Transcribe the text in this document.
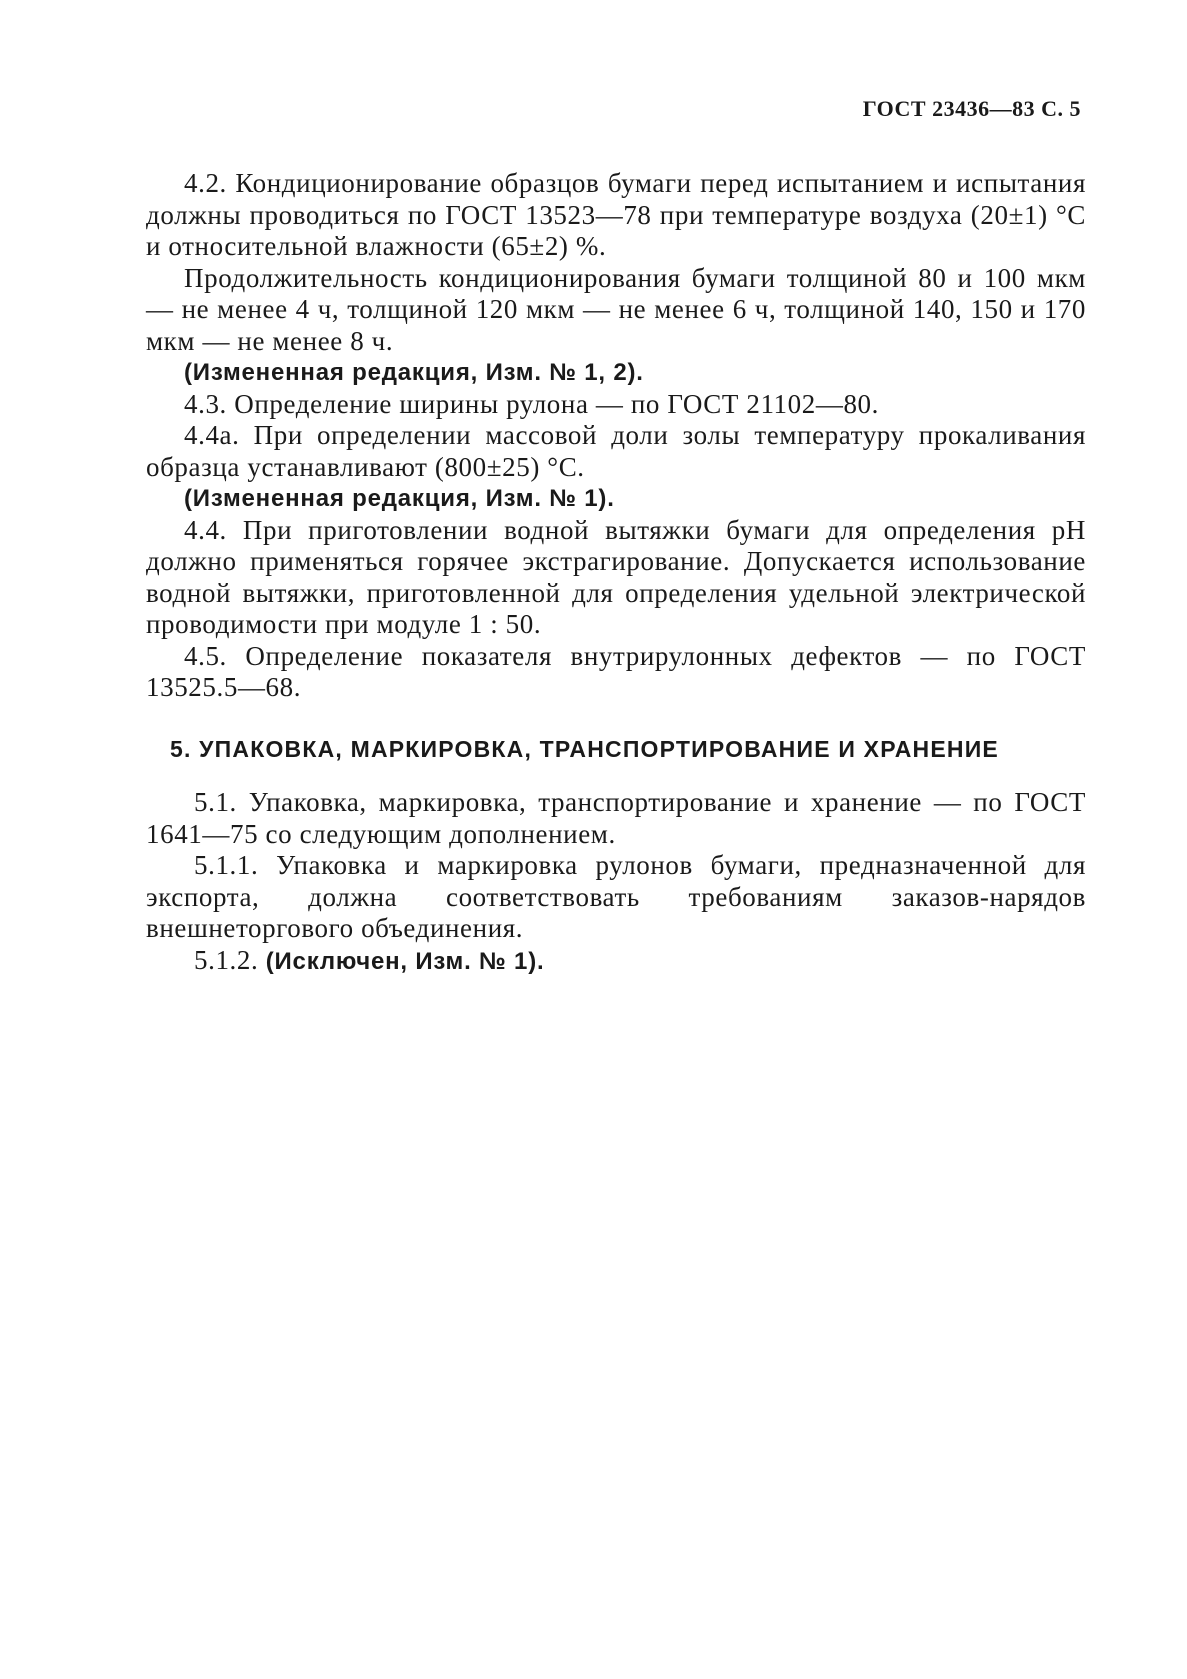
ГОСТ 23436—83 С. 5

4.2. Кондиционирование образцов бумаги перед испытанием и испытания должны проводиться по ГОСТ 13523—78 при температуре воздуха (20±1) °С и относительной влажности (65±2) %.

Продолжительность кондиционирования бумаги толщиной 80 и 100 мкм — не менее 4 ч, толщиной 120 мкм — не менее 6 ч, толщиной 140, 150 и 170 мкм — не менее 8 ч.

(Измененная редакция, Изм. № 1, 2).

4.3. Определение ширины рулона — по ГОСТ 21102—80.

4.4а. При определении массовой доли золы температуру прокаливания образца устанавливают (800±25) °С.

(Измененная редакция, Изм. № 1).

4.4. При приготовлении водной вытяжки бумаги для определения pH должно применяться горячее экстрагирование. Допускается использование водной вытяжки, приготовленной для определения удельной электрической проводимости при модуле 1 : 50.

4.5. Определение показателя внутрирулонных дефектов — по ГОСТ 13525.5—68.

5. УПАКОВКА, МАРКИРОВКА, ТРАНСПОРТИРОВАНИЕ И ХРАНЕНИЕ

5.1. Упаковка, маркировка, транспортирование и хранение — по ГОСТ 1641—75 со следующим дополнением.

5.1.1. Упаковка и маркировка рулонов бумаги, предназначенной для экспорта, должна соответствовать требованиям заказов-нарядов внешнеторгового объединения.

5.1.2. (Исключен, Изм. № 1).
